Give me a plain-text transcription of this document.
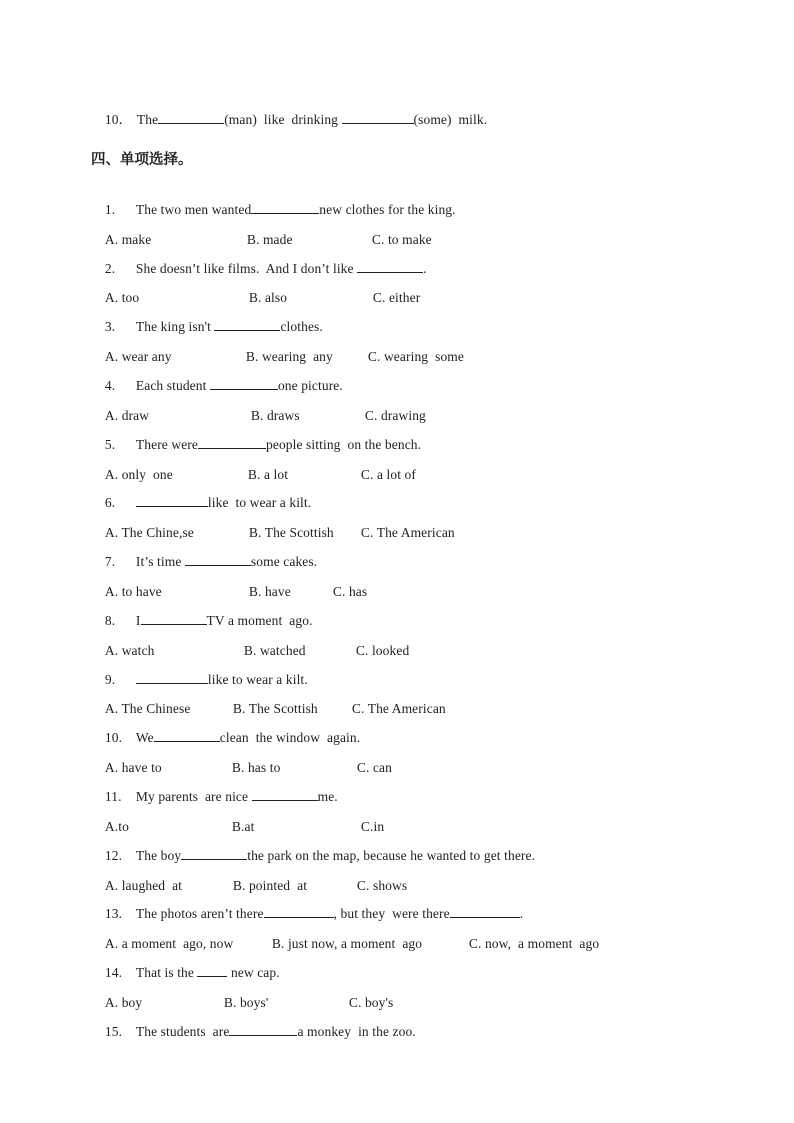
10． The	(man)  like  drinking	(some)  milk.

四、单项选择。

1. The two men wanted	new clothes for the king.

A. make	B. made	C. to make

2. She doesn’t like films.  And I don’t like	.

A. too	B. also	C. either

3. The king isn't	clothes.

A. wear any	B. wearing  any	C. wearing  some

4. Each student	one picture.

A. draw	B. draws	C. drawing

5. There were	people sitting  on the bench.

A. only  one	B. a lot	C. a lot of

6.	like  to wear a kilt.

A. The Chine,se	B. The Scottish C. The American

7. It’s time	some cakes.

A. to have	B. have	C. has

8. I	TV a moment  ago.

A. watch	B. watched	C. looked

9.	like to wear a kilt.

A. The Chinese	B. The Scottish	C. The American

10. We	clean  the window  again.

A. have to	B. has to	C. can

11. My parents  are nice	me.

A.to	B.at	C.in

12. The boy	the park on the map, because he wanted to get there.

A. laughed  at	B. pointed  at	C. shows

13. The photos aren’t there	, but they  were there	.

A. a moment  ago, now	B. just now, a moment  ago	C. now,  a moment  ago

14. That is the  new cap.

A. boy	B. boys'	C. boy's

15. The students  are	a monkey  in the zoo.
